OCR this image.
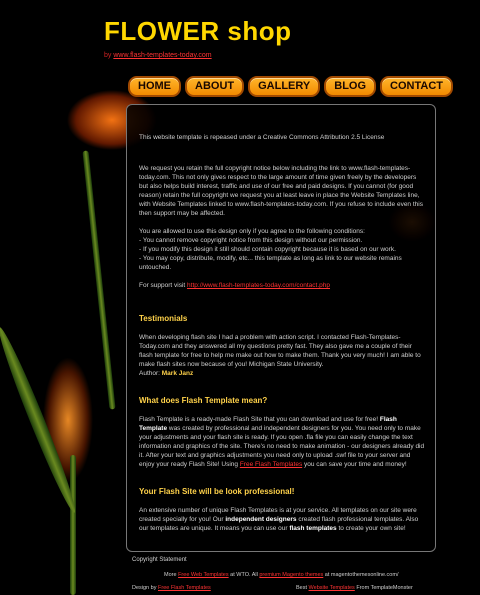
FLOWER shop
by www.flash-templates-today.com
HOME	ABOUT	GALLERY	BLOG	CONTACT

This website template is repeased under a Creative Commons Attribution 2.5 License

We request you retain the full copyright notice below including the link to www.flash-templates-today.com. This not only gives respect to the large amount of time given freely by the developers but also helps build interest, traffic and use of our free and paid designs. If you cannot (for good reason) retain the full copyright we request you at least leave in place the Website Templates line, with Website Templates linked to www.flash-templates-today.com. If you refuse to include even this then support may be affected.

You are allowed to use this design only if you agree to the following conditions:
- You cannot remove copyright notice from this design without our permission.
- If you modify this design it still should contain copyright because it is based on our work.
- You may copy, distribute, modify, etc... this template as long as link to our website remains untouched.

For support visit http://www.flash-templates-today.com/contact.php

Testimonials

When developing flash site I had a problem with action script. I contacted Flash-Templates-Today.com and they answered all my questions pretty fast. They also gave me a couple of their flash template for free to help me make out how to make them. Thank you very much! I am able to make flash sites now because of you! Michigan State University.
Author: Mark Janz

What does Flash Template mean?

Flash Template is a ready-made Flash Site that you can download and use for free! Flash Template was created by professional and independent designers for you. You need only to make your adjustments and your flash site is ready. If you open .fla file you can easily change the text information and graphics of the site. There's no need to make animation - our designers already did it. After your text and graphics adjustments you need only to upload .swf file to your server and enjoy your ready Flash Site! Using Free Flash Templates you can save your time and money!

Your Flash Site will be look professional!

An extensive number of unique Flash Templates is at your service. All templates on our site were created specially for you! Our independent designers created flash professional templates. Also our templates are unique. It means you can use our flash templates to create your own site!

Copyright Statement
More Free Web Templates at WTO. All premium Magento themes at magentothemesonline.com/
Design by Free Flash Templates	Best Website Templates From TemplateMonster
